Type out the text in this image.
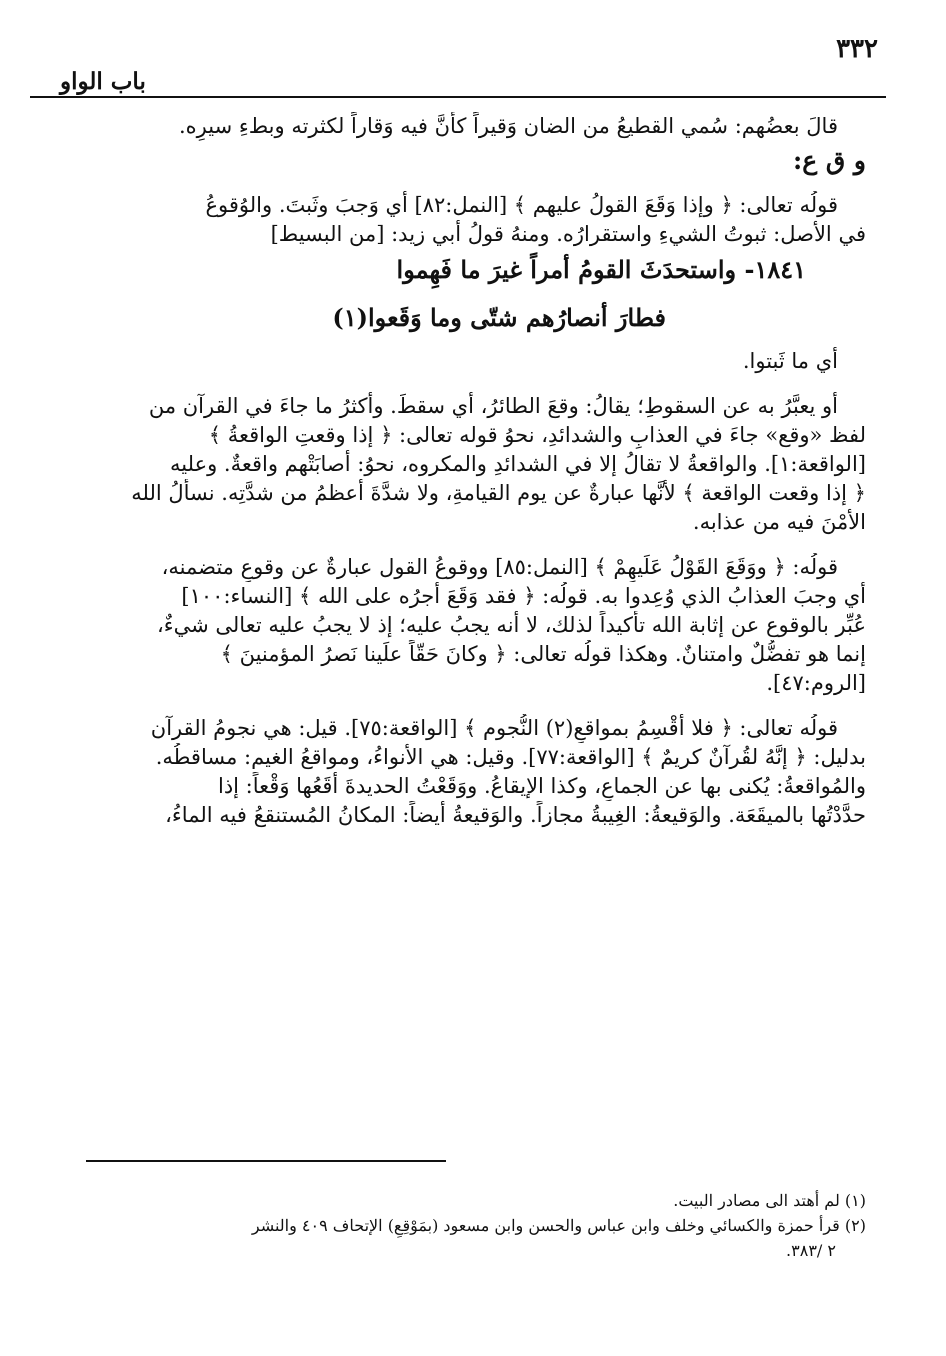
٣٣٢
باب الواو
قالَ بعضُهم: سُمي القطيعُ من الضان وَقيراً كأنَّ فيه وَقاراً لكثرته وبطءِ سيرِه.
و ق ع:
قولُه تعالى: ﴿ وإذا وَقَعَ القولُ عليهم ﴾ [النمل:٨٢] أي وَجبَ وثَبتَ. والوُقوعُ
في الأصل: ثبوتُ الشيءِ واستقرارُه. ومنهُ قولُ أبي زيد: [من البسيط]
١٨٤١- واستحدَثَ القومُ أمراً غيرَ ما فَهِموا
فطارَ أنصارُهم شتّى وما وَقَعوا(١)
أي ما ثَبتوا.
أو يعبَّرُ به عن السقوطِ؛ يقالُ: وقعَ الطائرُ، أي سقطَ. وأكثرُ ما جاءَ في القرآن من
لفظ «وقع» جاءَ في العذابِ والشدائدِ، نحوُ قوله تعالى: ﴿ إذا وقعتِ الواقعةُ ﴾
[الواقعة:١]. والواقعةُ لا تقالُ إلا في الشدائدِ والمكروه، نحوُ: أصابَتْهم واقعةٌ. وعليه
﴿ إذا وقعت الواقعة ﴾ لأنَّها عبارةٌ عن يوم القيامةِ، ولا شدَّةَ أعظمُ من شدَّتِه. نسألُ الله
الأمْنَ فيه من عذابه.
قولُه: ﴿ ووَقَعَ القَوْلُ عَلَيهِمْ ﴾ [النمل:٨٥] ووقوعُ القول عبارةٌ عن وقوعِ متضمنه،
أي وجبَ العذابُ الذي وُعِدوا به. قولُه: ﴿ فقد وَقَعَ أجرُه على الله ﴾ [النساء:١٠٠]
عُبِّر بالوقوع عن إثابة الله تأكيداً لذلك، لا أنه يجبُ عليه؛ إذ لا يجبُ عليه تعالى شيءٌ،
إنما هو تفضُّلٌ وامتنانٌ. وهكذا قولُه تعالى: ﴿ وكانَ حَقّاً علَينا نَصرُ المؤمنينَ ﴾
[الروم:٤٧].
قولُه تعالى: ﴿ فلا أُقْسِمُ بمواقعِ(٢) النُّجوم ﴾ [الواقعة:٧٥]. قيل: هي نجومُ القرآن
بدليل: ﴿ إنَّهُ لقُرآنٌ كريمٌ ﴾ [الواقعة:٧٧]. وقيل: هي الأنواءُ، ومواقعُ الغيم: مساقطُه.
والمُواقعةُ: يُكنى بها عن الجماعِ، وكذا الإيقاعُ. ووَقَعْتُ الحديدةَ أقَعُها وَقْعاً: إذا
حدَّدْتُها بالميقَعَة. والوَقيعةُ: الغِيبةُ مجازاً. والوَقيعةُ أيضاً: المكانُ المُستنقعُ فيه الماءُ،
(١) لم أهتد الى مصادر البيت.
(٢) قرأ حمزة والكسائي وخلف وابن عباس والحسن وابن مسعود (بمَوْقِعِ) الإتحاف ٤٠٩ والنشر
٢ /٣٨٣.
